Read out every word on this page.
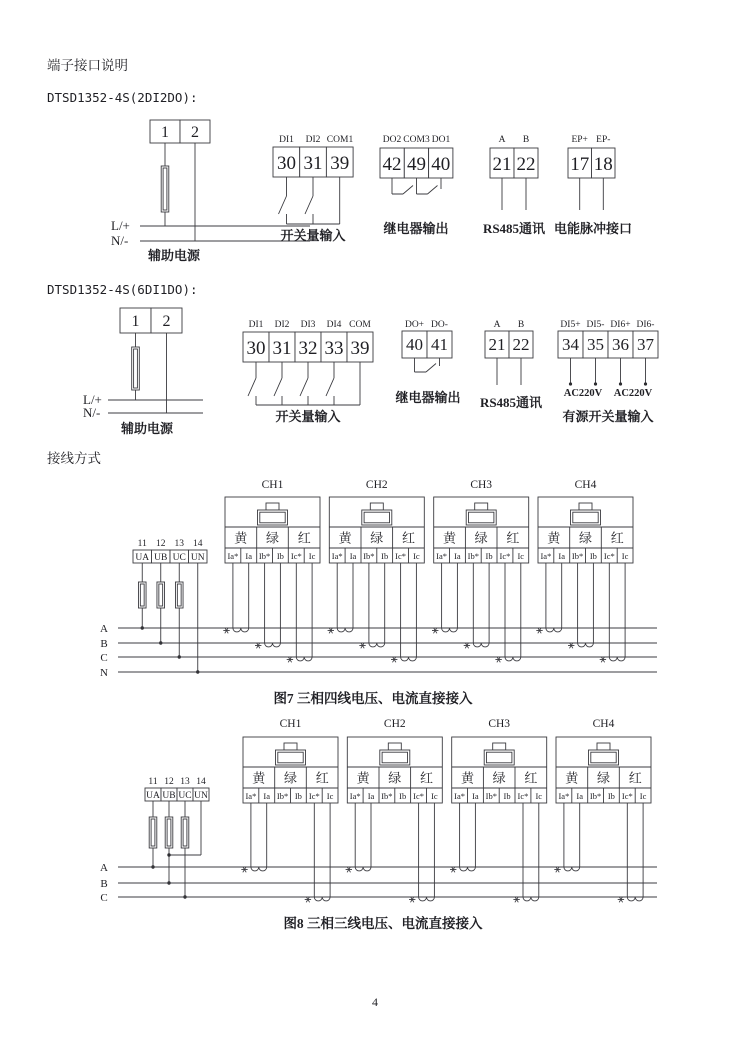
端子接口说明
DTSD1352-4S(2DI2DO):
DTSD1352-4S(6DI1DO):
接线方式
图7 三相四线电压、电流直接接入
图8 三相三线电压、电流直接接入
4
1 2
L/+
N/-
辅助电源
DI1 DI2 COM1
30 31 39
开关量输入
DO2 COM3 DO1
42 49 40
继电器输出
A B
21 22
RS485通讯
EP+ EP-
17 18
电能脉冲接口
1 2
L/+
N/-
辅助电源
DI1 DI2 DI3 DI4 COM
30 31 32 33 39
开关量输入
DO+ DO-
40 41
继电器输出
A B
21 22
RS485通讯
DI5+ DI5- DI6+ DI6-
34 35 36 37
AC220V AC220V
有源开关量输入
CH1	CH2	CH3	CH4
黄 绿 红
Ia* Ia Ib* Ib Ic* Ic
黄 绿 红
Ia* Ia Ib* Ib Ic* Ic
黄 绿 红
Ia* Ia Ib* Ib Ic* Ic
黄 绿 红
Ia* Ia Ib* Ib Ic* Ic
11 12 13 14
UA UB UC UN
A
B
C
N
CH1	CH2	CH3	CH4
黄 绿 红
Ia* Ia Ib* Ib Ic* Ic
黄 绿 红
Ia* Ia Ib* Ib Ic* Ic
黄 绿 红
Ia* Ia Ib* Ib Ic* Ic
黄 绿 红
Ia* Ia Ib* Ib Ic* Ic
11 12 13 14
UA UB UC UN
A
B
C
